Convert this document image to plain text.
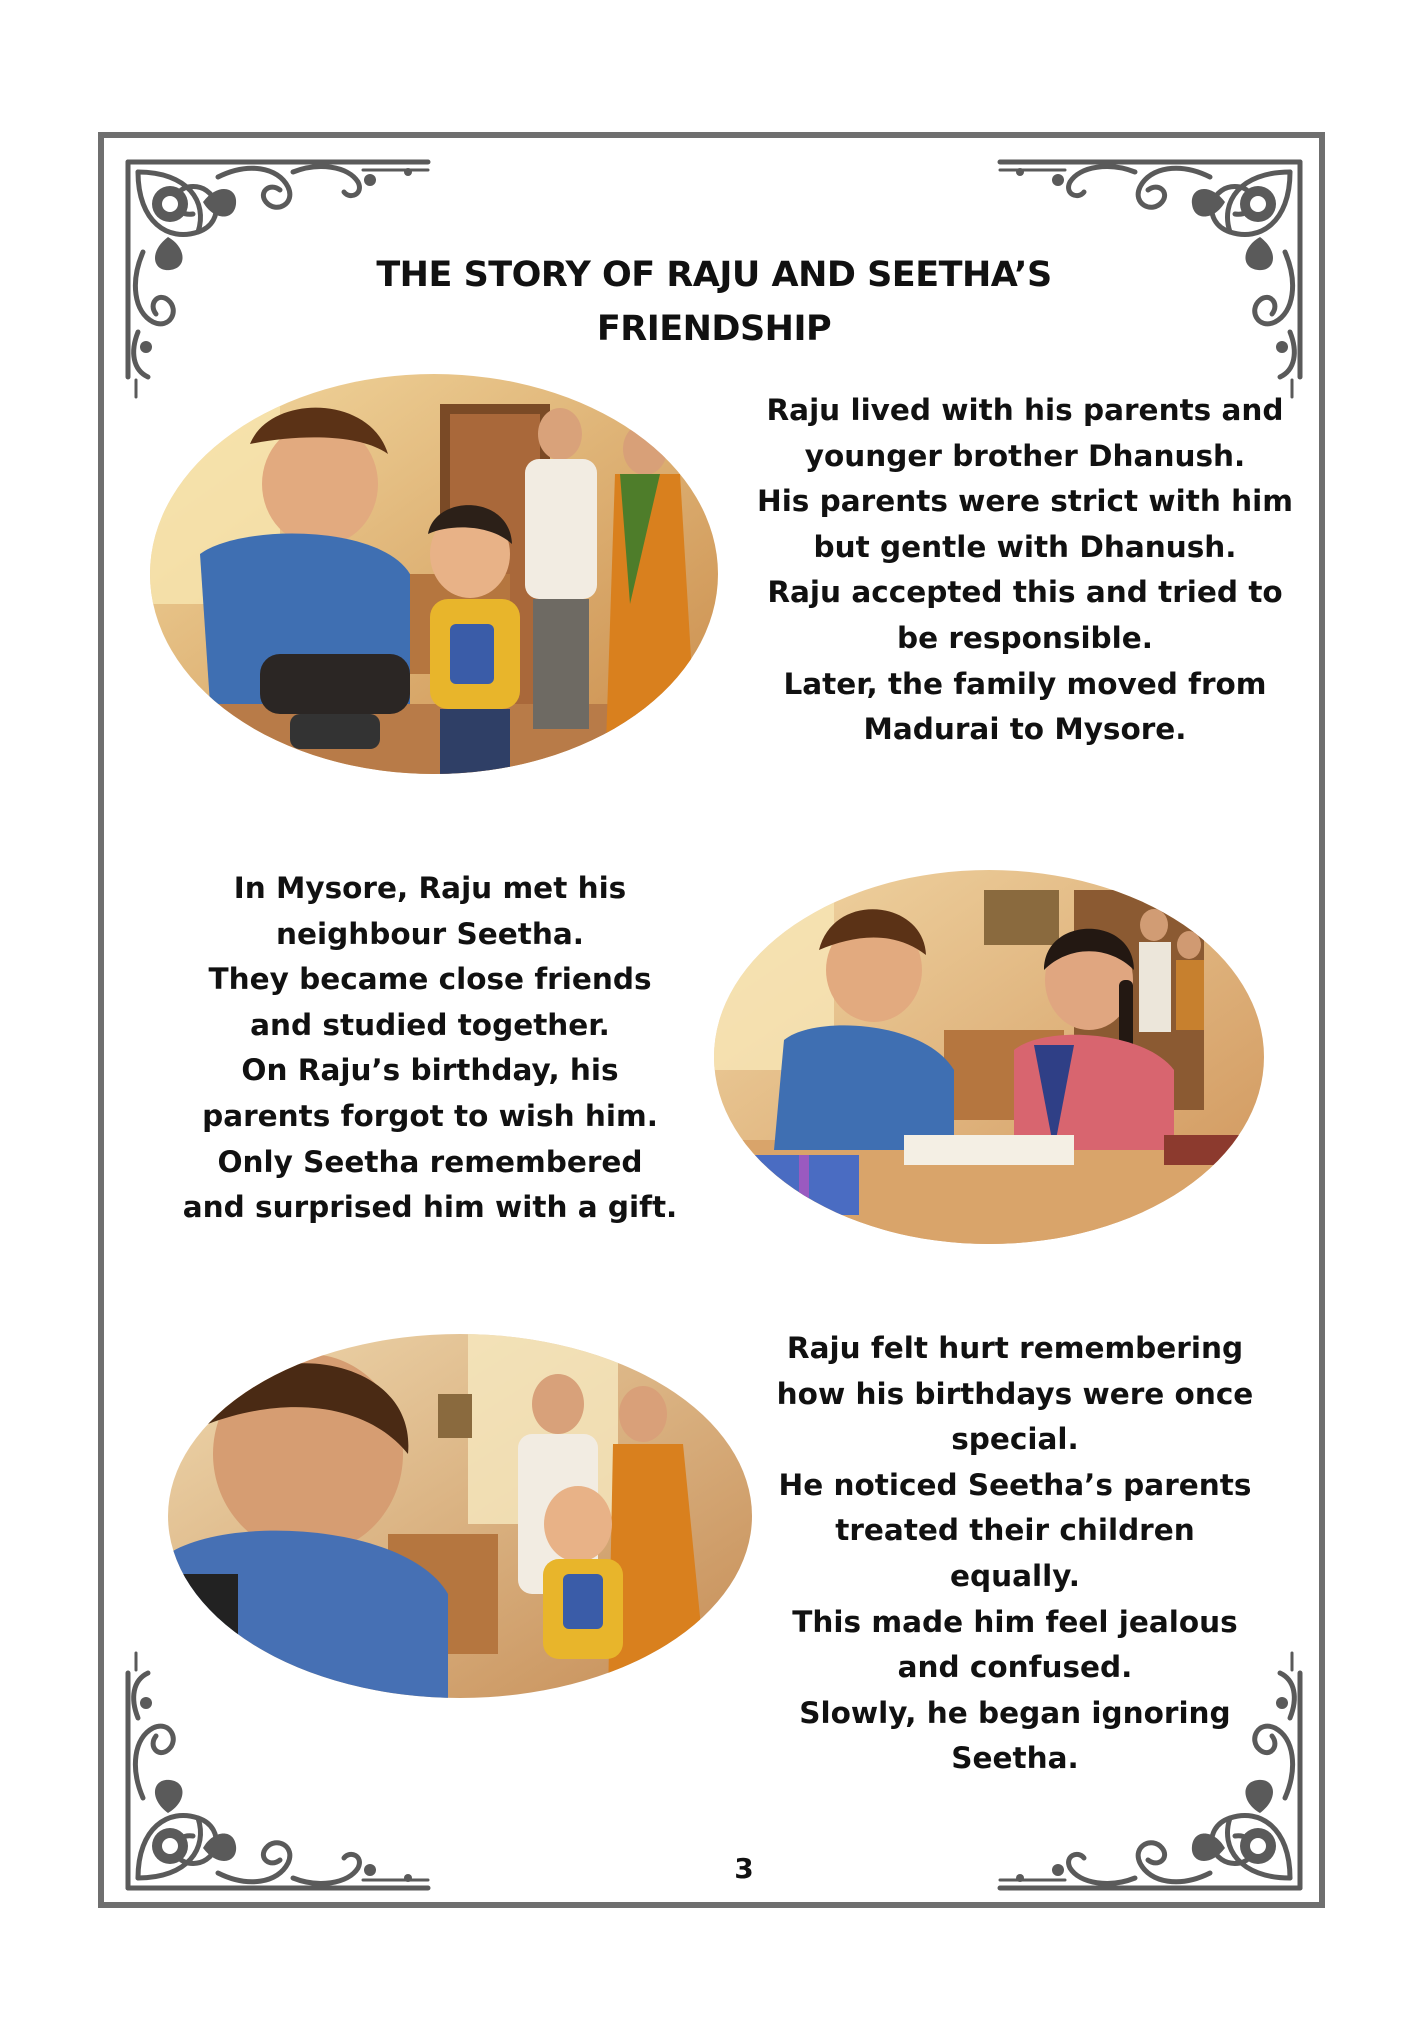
THE STORY OF RAJU AND SEETHA’S
FRIENDSHIP
Raju lived with his parents and
younger brother Dhanush.
His parents were strict with him
but gentle with Dhanush.
Raju accepted this and tried to
be responsible.
Later, the family moved from
Madurai to Mysore.
In Mysore, Raju met his
neighbour Seetha.
They became close friends
and studied together.
On Raju’s birthday, his
parents forgot to wish him.
Only Seetha remembered
and surprised him with a gift.
Raju felt hurt remembering
how his birthdays were once
special.
He noticed Seetha’s parents
treated their children
equally.
This made him feel jealous
and confused.
Slowly, he began ignoring
Seetha.
3
